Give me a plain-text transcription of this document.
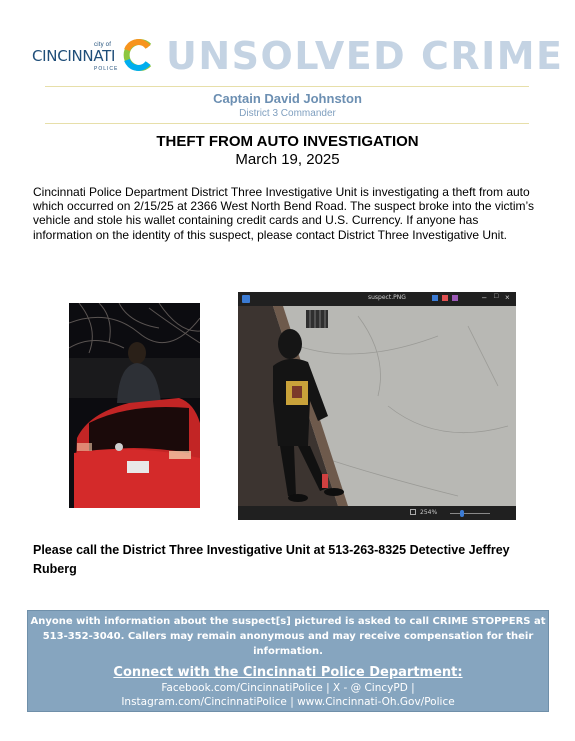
city of
CINCINNATI
POLICE UNSOLVED CRIME
Captain David Johnston
District 3 Commander
THEFT FROM AUTO INVESTIGATION
March 19, 2025
Cincinnati Police Department District Three Investigative Unit is investigating a theft from auto which occurred on 2/15/25 at 2366 West North Bend Road. The suspect broke into the victim’s vehicle and stole his wallet containing credit cards and U.S. Currency. If anyone has information on the identity of this suspect, please contact District Three Investigative Unit.
suspect.PNG	– □ ×
254%
Please call the District Three Investigative Unit at 513-263-8325 Detective Jeffrey Ruberg
Anyone with information about the suspect[s] pictured is asked to call CRIME STOPPERS at 513-352-3040. Callers may remain anonymous and may receive compensation for their information.
Connect with the Cincinnati Police Department:
Facebook.com/CincinnatiPolice | X - @ CincyPD |
Instagram.com/CincinnatiPolice | www.Cincinnati-Oh.Gov/Police
